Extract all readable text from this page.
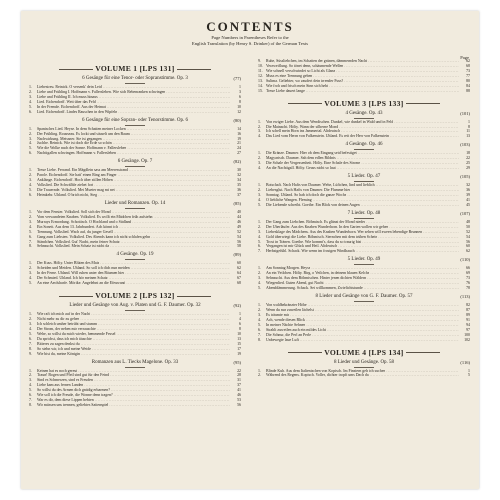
CONTENTS

Page Numbers in Parentheses Refer to the

English Translation (by Henry S. Drinker) of the German Texts

Page
VOLUME 1 [LPS 131]
6 Gesänge für eine Tenor- oder Sopranstimme. Op. 3	(77)
1.	Liebestreu. Reinick. O versenk' dein Leid .....	1
2.	Liebe und Frühling I. Hoffmann v. Fallersleben. Wie sich Rebenranken schwingen .....	3
3.	Liebe und Frühling II. Ich muss hinaus .....	6
4.	Lied. Eichendorff. Weit über das Feld .....	8
5.	In der Fremde. Eichendorff. Aus der Heimat .....	10
6.	Lied. Eichendorff. Lindes Rauschen in den Wipfeln .....	12
6 Gesänge für eine Sopran- oder Tenorstimme. Op. 6	(80)
1.	Spanisches Lied. Heyse. In dem Schatten meiner Locken .....	14
2.	Der Frühling. Rousseau. Es lockt und säuselt um den Baum .....	16
3.	Nachwirkung. Meissner. Sie ist gegangen .....	19
4.	Juchhe. Reinick. Wie ist doch die Erde so schön .....	21
5.	Wie die Wolke nach der Sonne. Hoffmann v. Fallersleben .....	24
6.	Nachtigallen schwingen. Hoffmann v. Fallersleben .....	27
6 Gesänge. Op. 7	(82)
1.	Treue Liebe. Ferrand. Ein Mägdlein sass am Meeresstrand .....	30
2.	Parole. Eichendorff. Sie hatt' einen Ring am Finger .....	32
3.	Anklänge. Eichendorff. Hoch über stillen Höhen .....	34
4.	Volkslied. Die Schwälble ziehet fort .....	35
5.	Die Trauernde. Volkslied. Mei Mueter mag mi net .....	36
6.	Heimkehr. Uhland. O brich nicht, Steg .....	37
Lieder und Romanzen. Op. 14	(85)
1.	Vor dem Fenster. Volkslied. Soll sich der Mond .....	40
2.	Vom verwundeten Knaben. Volkslied. Es wollt ein Mädchen früh aufstehn .....	44
3.	Murrays Ermordung. Schottisch. O Hochland und o Südland .....	46
4.	Ein Sonett. Aus dem 13. Jahrhundert. Ach könnt ich .....	49
5.	Trennung. Volkslied. Wach auf, du junger Gesell .....	52
6.	Gang zum Liebsten. Volkslied. Des Abends kann ich nicht schlafen gehn .....	54
7.	Ständchen. Volkslied. Gut' Nacht, mein feiner Schatz .....	56
8.	Sehnsucht. Volkslied. Mein Schatz ist nicht da .....	58
4 Gesänge. Op. 19	(89)
1.	Der Kuss. Hölty. Unter Blüten des Mais .....	60
2.	Scheiden und Meiden. Uhland. So soll ich dich nun meiden .....	62
3.	In der Ferne. Uhland. Will ruhen unter den Bäumen hier .....	64
4.	Der Schmied. Uhland. Ich hör meinen Schatz .....	67
5.	An eine Aeolsharfe. Mörike. Angelehnt an die Efeuwand .....	68
VOLUME 2 [LPS 132]
Lieder und Gesänge von Aug. v. Platen und G. F. Daumer. Op. 32	(92)
1.	Wie raft ich mich auf in der Nacht .....	1
2.	Nicht mehr zu dir zu gehen .....	4
3.	Ich schleich umher betrübt und stumm .....	6
4.	Der Strom, der neben mir verrauschte .....	8
5.	Wehe, so willst du mich wieder, hemmende Fessel .....	10
6.	Du sprichst, dass ich mich täuschte .....	13
7.	Bitteres zu sagen denkst du .....	15
8.	So stehn wir, ich und meine Weide .....	17
9.	Wie bist du, meine Königin .....	19
Romanzen aus L. Tiecks Magelone. Op. 33	(95)
1.	Keinen hat es noch gereut .....	22
2.	Traun! Bogen und Pfeil sind gut für den Feind .....	28
3.	Sind es Schmerzen, sind es Freuden .....	31
4.	Liebe kam aus fernen Landen .....	37
5.	So willst du des Armen dich gnädig erbarmen? .....	41
6.	Wie soll ich die Freude, die Wonne denn tragen? .....	46
7.	War es dir, dem diese Lippen bebten .....	53
8.	Wir müssen uns trennen, geliebtes Saitenspiel .....	56
9.	Ruhe, Süssliebchen, im Schatten der grünen, dämmernden Nacht .....	62
10. Verzweiflung. So tönet denn, schäumende Wellen .....	68
11. Wie schnell verschwindet so Licht als Glanz .....	73
12. Muss es eine Trennung geben .....	77
13. Sulima. Geliebter, wo zaudert dein irrender Fuss? .....	80
14. Wie froh und frisch mein Sinn sich hebt .....	84
15. Treue Liebe dauert lange .....	88
VOLUME 3 [LPS 133]
4 Gesänge. Op. 43	(101)
1.	Von ewiger Liebe. Aus dem Wendischen. Dunkel, wie dunkel in Wald und in Feld .....	1
2.	Die Mainacht. Hölty. Wann der silberne Mond .....	8
3.	Ich schell mein Horn ins Jammertal. Altdeutsch .....	11
4.	Das Lied vom Herrn von Falkenstein. Uhland. Es reit der Herr von Falkenstein .....	13
4 Gesänge. Op. 46	(103)
1.	Die Kränze. Daumer. Hier ob dem Eingang seid befestiget .....	18
2.	Magyarisch. Daumer. Sah dem edlen Bildnis .....	22
3.	Die Schale der Vergessenheit. Hölty. Eine Schale des Stroms .....	25
4.	An die Nachtigall. Hölty. Geuss nicht so laut .....	29
5 Lieder. Op. 47	(105)
1.	Botschaft. Nach Hafis von Daumer. Wehe, Lüftchen, lind und lieblich .....	32
2.	Liebesglut. Nach Hafis von Daumer. Die Flamme hier .....	36
3.	Sonntag. Uhland. So hab ich doch die ganze Woche .....	39
4.	O liebliche Wangen. Fleming .....	41
5.	Die Liebende schreibt. Goethe. Ein Blick von deinen Augen .....	45
7 Lieder. Op. 48	(107)
1.	Der Gang zum Liebchen. Böhmisch. Es glänzt der Mond nieder .....	48
2.	Der Überläufer. Aus des Knaben Wunderhorn. In den Garten wollen wir gehen .....	50
3.	Liebesklage des Mädchens. Aus des Knaben Wunderhorn. Wer sehen will zween lebendige Brunnen .....	52
4.	Gold überwiegt die Liebe. Böhmisch. Sternchen mit dem trüben Schein .....	54
5.	Trost in Tränen. Goethe. Wie kommt's, dass du so traurig bist .....	56
6.	Vergangen ist mir Glück und Heil. Altdeutsch .....	60
7.	Herbstgefühl. Schack. Wie wenn im frostgen Windhauch .....	62
5 Lieder. Op. 49	(110)
1.	Am Sonntag Morgen. Heyse .....	66
2.	An ein Veilchen. Hölty. Birg, o Veilchen, in deinem blauen Kelche .....	69
3.	Sehnsucht. Aus dem Böhmischen. Hinter jenen dichten Wäldern .....	73
4.	Wiegenlied. Guten Abend, gut Nacht .....	76
5.	Abenddämmerung. Schack. Sei willkommen, Zwielichtstunde .....	78
8 Lieder und Gesänge von G. F. Daumer. Op. 57	(113)
1.	Von waldbekränzter Höhe .....	82
2.	Wenn du nur zuweilen lächelst .....	87
3.	Es träumte mir .....	89
4.	Ach, wende diesen Blick .....	91
5.	In meiner Nächte Sehnen .....	94
6.	Strahlt zuweilen auch ein mildes Licht .....	97
7.	Die Schnur, die Perl an Perle .....	100
8.	Unbewegte laue Luft .....	102
VOLUME 4 [LPS 134]
8 Lieder und Gesänge. Op. 58	(116)
1.	Blinde Kuh. Aus dem Italienischen von Kopisch. Im Finstern geh ich suchen .....	1
2.	Während des Regens. Kopisch. Voller, dichter tropft ums Dach da .....	5
